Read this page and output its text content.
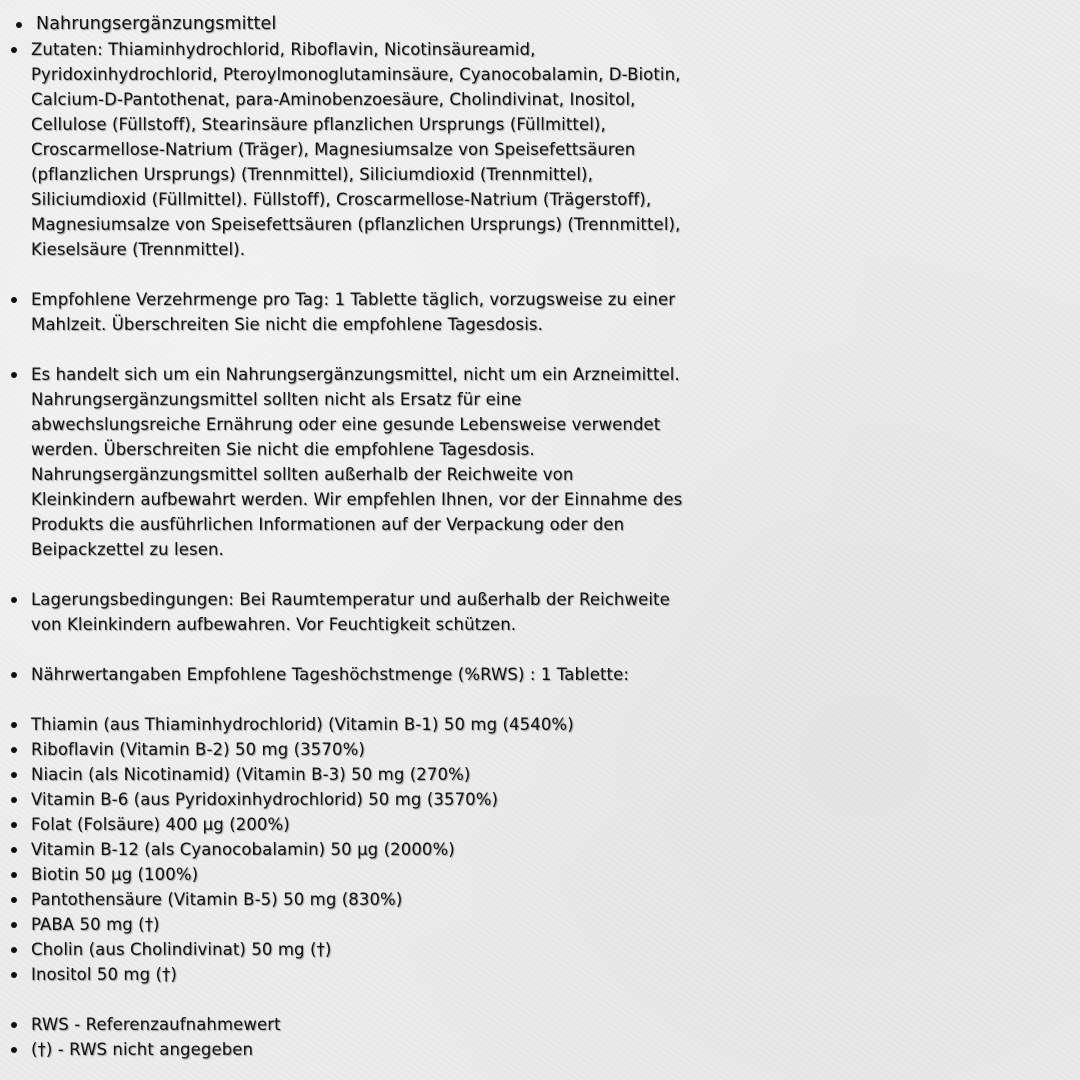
Nahrungsergänzungsmittel
Zutaten: Thiaminhydrochlorid, Riboflavin, Nicotinsäureamid,
Pyridoxinhydrochlorid, Pteroylmonoglutaminsäure, Cyanocobalamin, D-Biotin,
Calcium-D-Pantothenat, para-Aminobenzoesäure, Cholindivinat, Inositol,
Cellulose (Füllstoff), Stearinsäure pflanzlichen Ursprungs (Füllmittel),
Croscarmellose-Natrium (Träger), Magnesiumsalze von Speisefettsäuren
(pflanzlichen Ursprungs) (Trennmittel), Siliciumdioxid (Trennmittel),
Siliciumdioxid (Füllmittel). Füllstoff), Croscarmellose-Natrium (Trägerstoff),
Magnesiumsalze von Speisefettsäuren (pflanzlichen Ursprungs) (Trennmittel),
Kieselsäure (Trennmittel).
Empfohlene Verzehrmenge pro Tag: 1 Tablette täglich, vorzugsweise zu einer
Mahlzeit. Überschreiten Sie nicht die empfohlene Tagesdosis.
Es handelt sich um ein Nahrungsergänzungsmittel, nicht um ein Arzneimittel.
Nahrungsergänzungsmittel sollten nicht als Ersatz für eine
abwechslungsreiche Ernährung oder eine gesunde Lebensweise verwendet
werden. Überschreiten Sie nicht die empfohlene Tagesdosis.
Nahrungsergänzungsmittel sollten außerhalb der Reichweite von
Kleinkindern aufbewahrt werden. Wir empfehlen Ihnen, vor der Einnahme des
Produkts die ausführlichen Informationen auf der Verpackung oder den
Beipackzettel zu lesen.
Lagerungsbedingungen: Bei Raumtemperatur und außerhalb der Reichweite
von Kleinkindern aufbewahren. Vor Feuchtigkeit schützen.
Nährwertangaben Empfohlene Tageshöchstmenge (%RWS) : 1 Tablette:
Thiamin (aus Thiaminhydrochlorid) (Vitamin B-1) 50 mg (4540%)
Riboflavin (Vitamin B-2) 50 mg (3570%)
Niacin (als Nicotinamid) (Vitamin B-3) 50 mg (270%)
Vitamin B-6 (aus Pyridoxinhydrochlorid) 50 mg (3570%)
Folat (Folsäure) 400 µg (200%)
Vitamin B-12 (als Cyanocobalamin) 50 µg (2000%)
Biotin 50 µg (100%)
Pantothensäure (Vitamin B-5) 50 mg (830%)
PABA 50 mg (†)
Cholin (aus Cholindivinat) 50 mg (†)
Inositol 50 mg (†)
RWS - Referenzaufnahmewert
(†) - RWS nicht angegeben
